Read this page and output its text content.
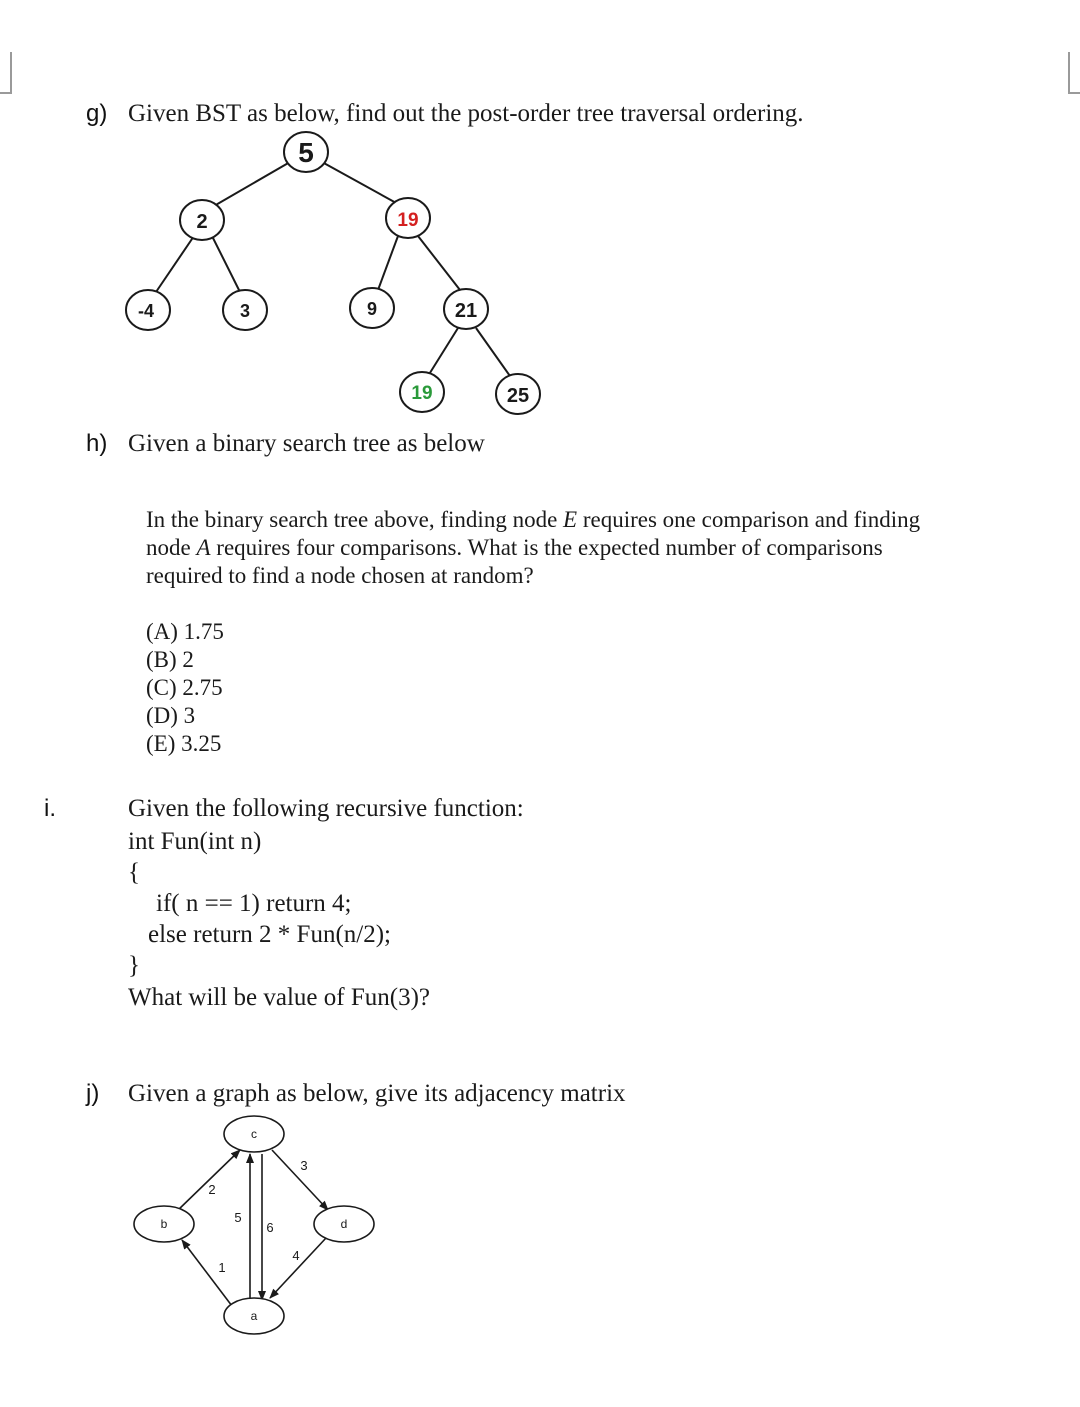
g) Given BST as below, find out the post-order tree traversal ordering.
5
2	19
-4	3	9	21
19	25
h) Given a binary search tree as below
In the binary search tree above, finding node E requires one comparison and finding
node A requires four comparisons. What is the expected number of comparisons
required to find a node chosen at random?
(A) 1.75
(B) 2
(C) 2.75
(D) 3
(E) 3.25
i.	Given the following recursive function:
int Fun(int n)
{
if( n == 1) return 4;
else return 2 * Fun(n/2);
}
What will be value of Fun(3)?
j) Given a graph as below, give its adjacency matrix
c
b	d
a
1
2
3
4
5
6
